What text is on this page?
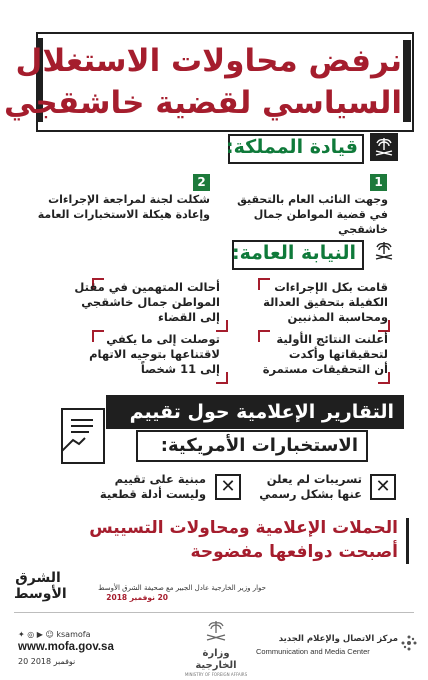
نرفض محاولات الاستغلال
السياسي لقضية خاشقجي
قيادة المملكة:
1
وجهت النائب العام بالتحقيق
في قضية المواطن جمال خاشقجي
2
شكلت لجنة لمراجعة الإجراءات
وإعادة هيكلة الاستخبارات العامة
النيابة العامة:
قامت بكل الإجراءات
الكفيلة بتحقيق العدالة
ومحاسبة المذنبين
أحالت المتهمين في مقتل
المواطن جمال خاشقجي
إلى القضاء
أعلنت النتائج الأولية
لتحقيقاتها وأكدت
أن التحقيقات مستمرة
توصلت إلى ما يكفي
لاقتناعها بتوجيه الاتهام
إلى 11 شخصاً
التقارير الإعلامية حول تقييم
الاستخبارات الأمريكية:
✕
تسريبات لم يعلن
عنها بشكل رسمي
✕
مبنية على تقييم
وليست أدلة قطعية
الحملات الإعلامية ومحاولات التسييس
أصبحت دوافعها مفضوحة
الشرق
الأوسط	حوار وزير الخارجية عادل الجبير مع صحيفة الشرق الأوسط
20 نوفمبر 2018
✦ ◎ ▶ ☺ ksamofa
www.mofa.gov.sa
20 نوفمبر 2018
وزارة الخارجية
MINISTRY OF FOREIGN AFFAIRS
مركز الاتصال والإعلام الجديد
Communication and Media Center
